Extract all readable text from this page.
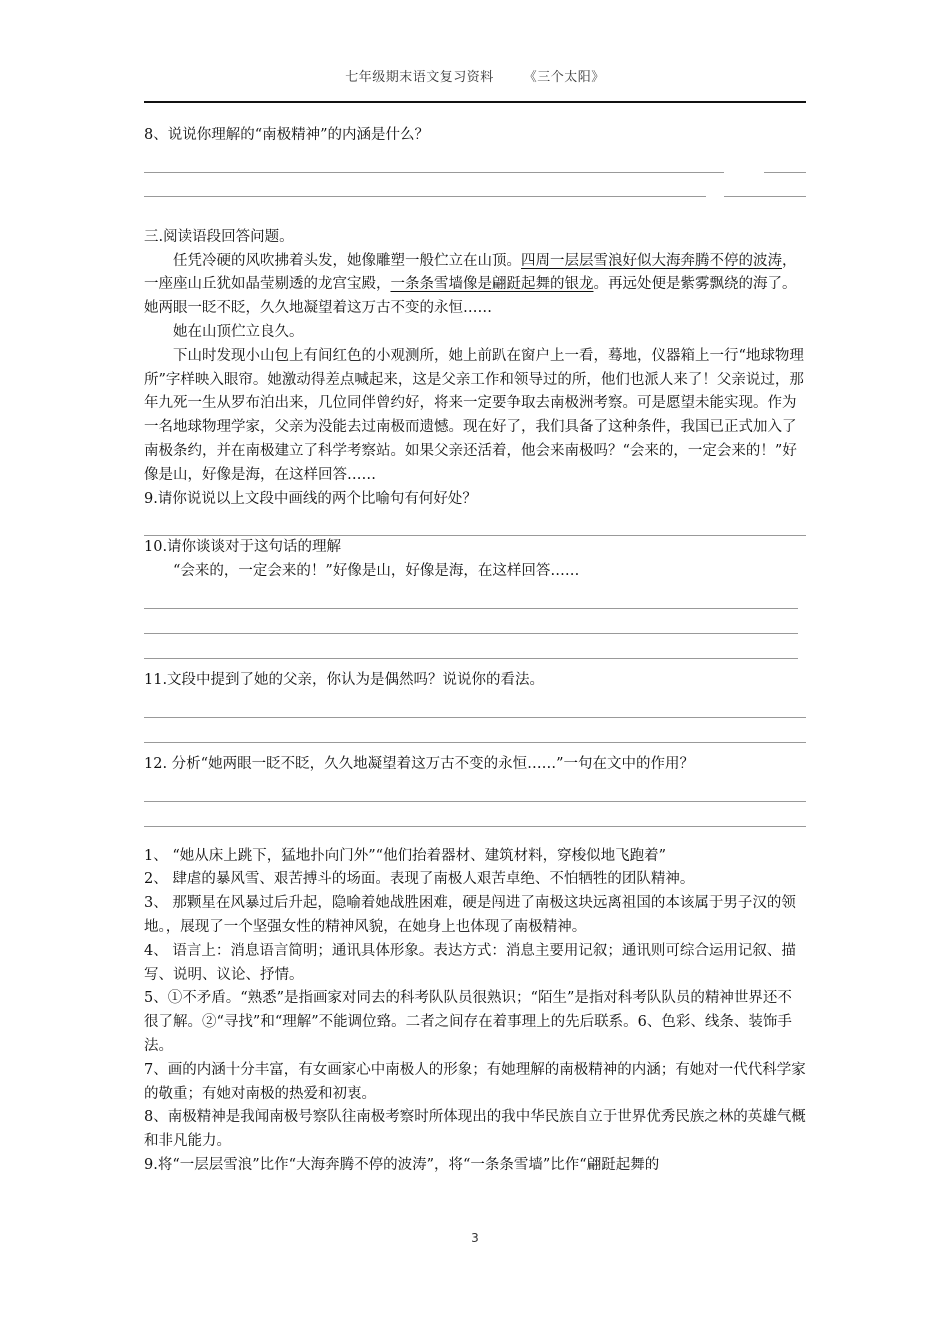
七年级期末语文复习资料 《三个太阳》

8、说说你理解的“南极精神”的内涵是什么？

三.阅读语段回答问题。

任凭冷硬的风吹拂着头发，她像雕塑一般伫立在山顶。四周一层层雪浪好似大海奔腾不停的波涛，一座座山丘犹如晶莹剔透的龙宫宝殿，一条条雪墙像是翩跹起舞的银龙。再远处便是紫雾飘绕的海了。她两眼一眨不眨，久久地凝望着这万古不变的永恒……

她在山顶伫立良久。

下山时发现小山包上有间红色的小观测所，她上前趴在窗户上一看，蓦地，仪器箱上一行“地球物理所”字样映入眼帘。她激动得差点喊起来，这是父亲工作和领导过的所，他们也派人来了！父亲说过，那年九死一生从罗布泊出来，几位同伴曾约好，将来一定要争取去南极洲考察。可是愿望未能实现。作为一名地球物理学家，父亲为没能去过南极而遗憾。现在好了，我们具备了这种条件，我国已正式加入了南极条约，并在南极建立了科学考察站。如果父亲还活着，他会来南极吗？“会来的，一定会来的！”好像是山，好像是海，在这样回答……

9.请你说说以上文段中画线的两个比喻句有何好处？

10.请你谈谈对于这句话的理解

“会来的，一定会来的！”好像是山，好像是海，在这样回答……

11.文段中提到了她的父亲，你认为是偶然吗？说说你的看法。

12. 分析“她两眼一眨不眨，久久地凝望着这万古不变的永恒……”一句在文中的作用？

1、 “她从床上跳下，猛地扑向门外”“他们抬着器材、建筑材料，穿梭似地飞跑着”

2、 肆虐的暴风雪、艰苦搏斗的场面。表现了南极人艰苦卓绝、不怕牺牲的团队精神。

3、 那颗星在风暴过后升起，隐喻着她战胜困难，硬是闯进了南极这块远离祖国的本该属于男子汉的领地。，展现了一个坚强女性的精神风貌，在她身上也体现了南极精神。

4、 语言上：消息语言简明；通讯具体形象。表达方式：消息主要用记叙；通讯则可综合运用记叙、描写、说明、议论、抒情。

5、①不矛盾。“熟悉”是指画家对同去的科考队队员很熟识；“陌生”是指对科考队队员的精神世界还不很了解。②“寻找”和“理解”不能调位臵。二者之间存在着事理上的先后联系。6、色彩、线条、装饰手法。

7、画的内涵十分丰富，有女画家心中南极人的形象；有她理解的南极精神的内涵；有她对一代代科学家的敬重；有她对南极的热爱和初衷。

8、南极精神是我闻南极号察队往南极考察时所体现出的我中华民族自立于世界优秀民族之林的英雄气概和非凡能力。

9.将“一层层雪浪”比作“大海奔腾不停的波涛”，将“一条条雪墙”比作“翩跹起舞的

3
